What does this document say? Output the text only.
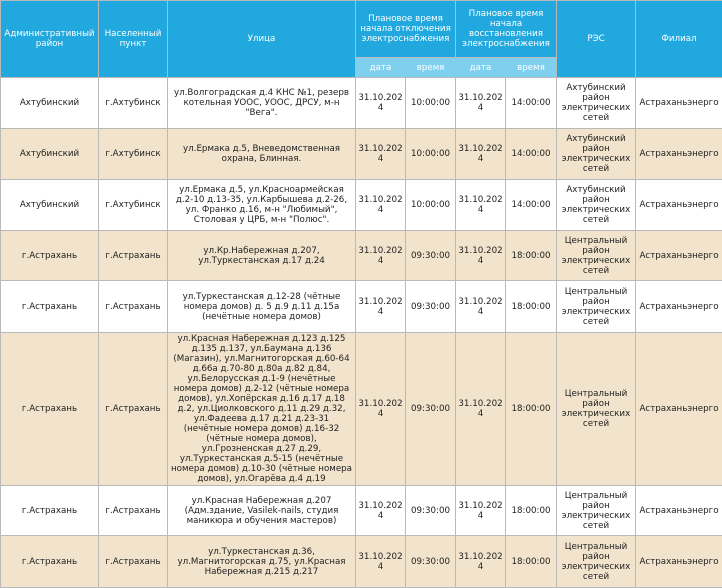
Административный район	Населенный пункт	Улица	Плановое время начала отключения электроснабжения		Плановое время начала восстановления электроснабжения		РЭС	Филиал
			дата	время	дата	время		
Ахтубинский	г.Ахтубинск	ул.Волгоградская д.4 КНС №1, резерв котельная УООС, УООС, ДРСУ, м-н "Вега".	31.10.2024	10:00:00	31.10.2024	14:00:00	Ахтубинский район электрических сетей	Астраханьэнерго
Ахтубинский	г.Ахтубинск	ул.Ермака д.5, Вневедомственная охрана, Блинная.	31.10.2024	10:00:00	31.10.2024	14:00:00	Ахтубинский район электрических сетей	Астраханьэнерго
Ахтубинский	г.Ахтубинск	ул.Ермака д.5, ул.Красноармейская д.2-10 д.13-35, ул.Карбышева д.2-26, ул. Франко д.16, м-н "Любимый", Столовая у ЦРБ, м-н "Полюс".	31.10.2024	10:00:00	31.10.2024	14:00:00	Ахтубинский район электрических сетей	Астраханьэнерго
г.Астрахань	г.Астрахань	ул.Кр.Набережная д.207, ул.Туркестанская д.17 д.24	31.10.2024	09:30:00	31.10.2024	18:00:00	Центральный район электрических сетей	Астраханьэнерго
г.Астрахань	г.Астрахань	ул.Туркестанская д.12-28 (чётные номера домов) д. 5 д.9 д.11 д.15а (нечётные номера домов)	31.10.2024	09:30:00	31.10.2024	18:00:00	Центральный район электрических сетей	Астраханьэнерго
г.Астрахань	г.Астрахань	ул.Красная Набережная д.123 д.125 д.135 д.137, ул.Баумана д.136 (Магазин), ул.Магнитогорская д.60-64 д.66а д.70-80 д.80а д.82 д.84, ул.Белорусская д.1-9 (нечётные номера домов) д.2-12 (чётные номера домов), ул.Хопёрская д.16 д.17 д.18 д.2, ул.Циолковского д.11 д.29 д.32, ул.Фадеева д.17 д.21 д.23-31 (нечётные номера домов) д.16-32 (чётные номера домов), ул.Грозненская д.27 д.29, ул.Туркестанская д.5-15 (нечётные номера домов) д.10-30 (чётные номера домов), ул.Огарёва д.4 д.19	31.10.2024	09:30:00	31.10.2024	18:00:00	Центральный район электрических сетей	Астраханьэнерго
г.Астрахань	г.Астрахань	ул.Красная Набережная д.207 (Адм.здание, Vasilek-nails, студия маникюра и обучения мастеров)	31.10.2024	09:30:00	31.10.2024	18:00:00	Центральный район электрических сетей	Астраханьэнерго
г.Астрахань	г.Астрахань	ул.Туркестанская д.36, ул.Магнитогорская д.75, ул.Красная Набережная д.215 д.217	31.10.2024	09:30:00	31.10.2024	18:00:00	Центральный район электрических сетей	Астраханьэнерго
